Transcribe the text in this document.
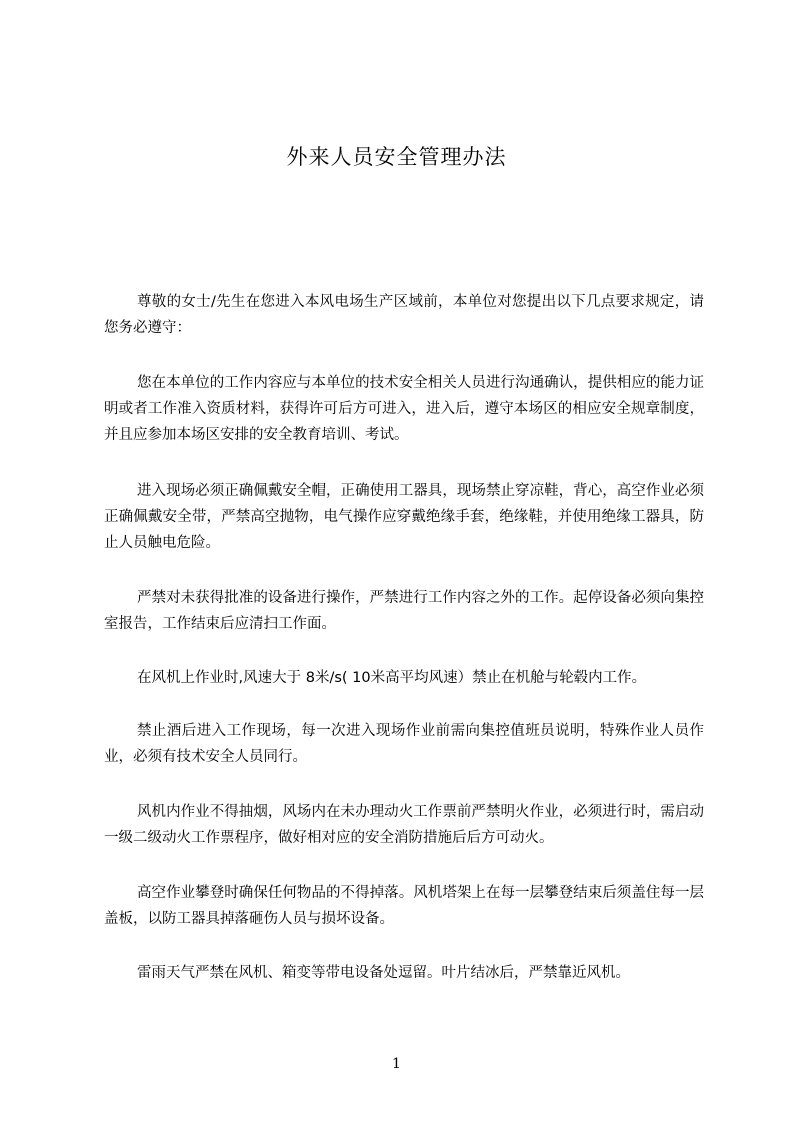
外来人员安全管理办法

尊敬的女士/先生在您进入本风电场生产区域前，本单位对您提出以下几点要求规定，请您务必遵守：

您在本单位的工作内容应与本单位的技术安全相关人员进行沟通确认，提供相应的能力证明或者工作准入资质材料，获得许可后方可进入，进入后，遵守本场区的相应安全规章制度，并且应参加本场区安排的安全教育培训、考试。

进入现场必须正确佩戴安全帽，正确使用工器具，现场禁止穿凉鞋，背心，高空作业必须正确佩戴安全带，严禁高空抛物，电气操作应穿戴绝缘手套，绝缘鞋，并使用绝缘工器具，防止人员触电危险。

严禁对未获得批准的设备进行操作，严禁进行工作内容之外的工作。起停设备必须向集控室报告，工作结束后应清扫工作面。

在风机上作业时,风速大于 8米/s( 10米高平均风速）禁止在机舱与轮毂内工作。

禁止酒后进入工作现场，每一次进入现场作业前需向集控值班员说明，特殊作业人员作业，必须有技术安全人员同行。

风机内作业不得抽烟，风场内在未办理动火工作票前严禁明火作业，必须进行时，需启动一级二级动火工作票程序，做好相对应的安全消防措施后后方可动火。

高空作业攀登时确保任何物品的不得掉落。风机塔架上在每一层攀登结束后须盖住每一层盖板，以防工器具掉落砸伤人员与损坏设备。

雷雨天气严禁在风机、箱变等带电设备处逗留。叶片结冰后，严禁靠近风机。

1
